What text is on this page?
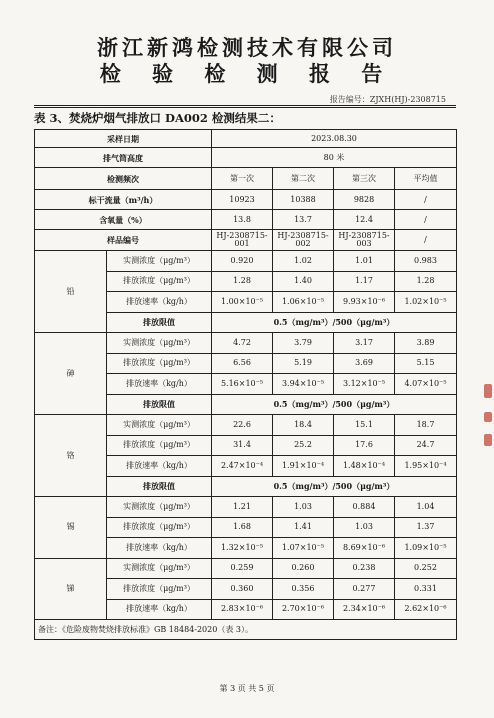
浙江新鸿检测技术有限公司
检 验 检 测 报 告
报告编号：ZJXH(HJ)-2308715
表 3、焚烧炉烟气排放口 DA002 检测结果二：
采样日期		2023.08.30			
排气筒高度		80 米			
检测频次		第一次	第二次	第三次	平均值
标干流量（m³/h）		10923	10388	9828	/
含氧量（%）		13.8	13.7	12.4	/
样品编号		HJ-2308715-001	HJ-2308715-002	HJ-2308715-003	/
铅	实测浓度（μg/m³）	0.920	1.02	1.01	0.983
	排放浓度（μg/m³）	1.28	1.40	1.17	1.28
	排放速率（kg/h）	1.00×10⁻⁵	1.06×10⁻⁵	9.93×10⁻⁶	1.02×10⁻⁵
	排放限值	0.5（mg/m³）/500（μg/m³）			
砷	实测浓度（μg/m³）	4.72	3.79	3.17	3.89
	排放浓度（μg/m³）	6.56	5.19	3.69	5.15
	排放速率（kg/h）	5.16×10⁻⁵	3.94×10⁻⁵	3.12×10⁻⁵	4.07×10⁻⁵
	排放限值	0.5（mg/m³）/500（μg/m³）			
铬	实测浓度（μg/m³）	22.6	18.4	15.1	18.7
	排放浓度（μg/m³）	31.4	25.2	17.6	24.7
	排放速率（kg/h）	2.47×10⁻⁴	1.91×10⁻⁴	1.48×10⁻⁴	1.95×10⁻⁴
	排放限值	0.5（mg/m³）/500（μg/m³）			
锡	实测浓度（μg/m³）	1.21	1.03	0.884	1.04
	排放浓度（μg/m³）	1.68	1.41	1.03	1.37
	排放速率（kg/h）	1.32×10⁻⁵	1.07×10⁻⁵	8.69×10⁻⁶	1.09×10⁻⁵
锑	实测浓度（μg/m³）	0.259	0.260	0.238	0.252
	排放浓度（μg/m³）	0.360	0.356	0.277	0.331
	排放速率（kg/h）	2.83×10⁻⁶	2.70×10⁻⁶	2.34×10⁻⁶	2.62×10⁻⁶
备注：《危险废物焚烧排放标准》GB 18484-2020（表 3）。					
第 3 页 共 5 页
